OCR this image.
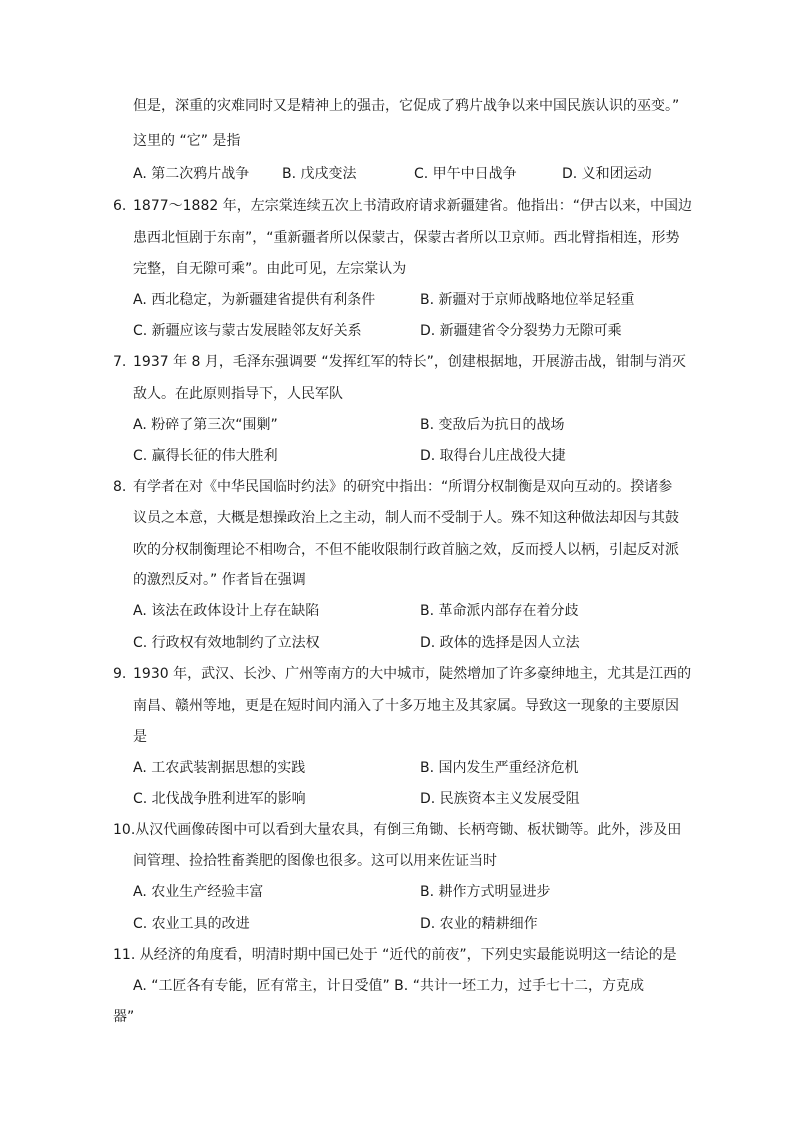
但是，深重的灾难同时又是精神上的强击，它促成了鸦片战争以来中国民族认识的巫变。”
这里的 “它” 是指
A. 第二次鸦片战争 B. 戊戌变法	C. 甲午中日战争	D. 义和团运动
6. 1877～1882 年，左宗棠连续五次上书清政府请求新疆建省。他指出：“伊古以来，中国边
患西北恒剧于东南”，“重新疆者所以保蒙古，保蒙古者所以卫京师。西北臂指相连，形势
完整，自无隙可乘”。由此可见，左宗棠认为
A. 西北稳定，为新疆建省提供有利条件	B. 新疆对于京师战略地位举足轻重
C. 新疆应该与蒙古发展睦邻友好关系	D. 新疆建省令分裂势力无隙可乘
7. 1937 年 8 月，毛泽东强调要 “发挥红军的特长”，创建根据地，开展游击战，钳制与消灭
敌人。在此原则指导下，人民军队
A. 粉碎了第三次“围剿”	B. 变敌后为抗日的战场
C. 赢得长征的伟大胜利	D. 取得台儿庄战役大捷
8. 有学者在对《中华民国临时约法》的研究中指出：“所谓分权制衡是双向互动的。揆诸参
议员之本意，大概是想操政治上之主动，制人而不受制于人。殊不知这种做法却因与其鼓
吹的分权制衡理论不相吻合，不但不能收限制行政首脑之效，反而授人以柄，引起反对派
的激烈反对。” 作者旨在强调
A. 该法在政体设计上存在缺陷	B. 革命派内部存在着分歧
C. 行政权有效地制约了立法权	D. 政体的选择是因人立法
9. 1930 年，武汉、长沙、广州等南方的大中城市，陡然增加了许多豪绅地主，尤其是江西的
南昌、赣州等地，更是在短时间内涌入了十多万地主及其家属。导致这一现象的主要原因
是
A. 工农武装割据思想的实践	B. 国内发生严重经济危机
C. 北伐战争胜利进军的影响	D. 民族资本主义发展受阻
10.从汉代画像砖图中可以看到大量农具，有倒三角锄、长柄弯锄、板状锄等。此外，涉及田
间管理、捡拾牲畜粪肥的图像也很多。这可以用来佐证当时
A. 农业生产经验丰富	B. 耕作方式明显进步
C. 农业工具的改进	D. 农业的精耕细作
11. 从经济的角度看，明清时期中国已处于 “近代的前夜”，下列史实最能说明这一结论的是
A. “工匠各有专能，匠有常主，计日受值” B. “共计一坯工力，过手七十二，方克成
器”
